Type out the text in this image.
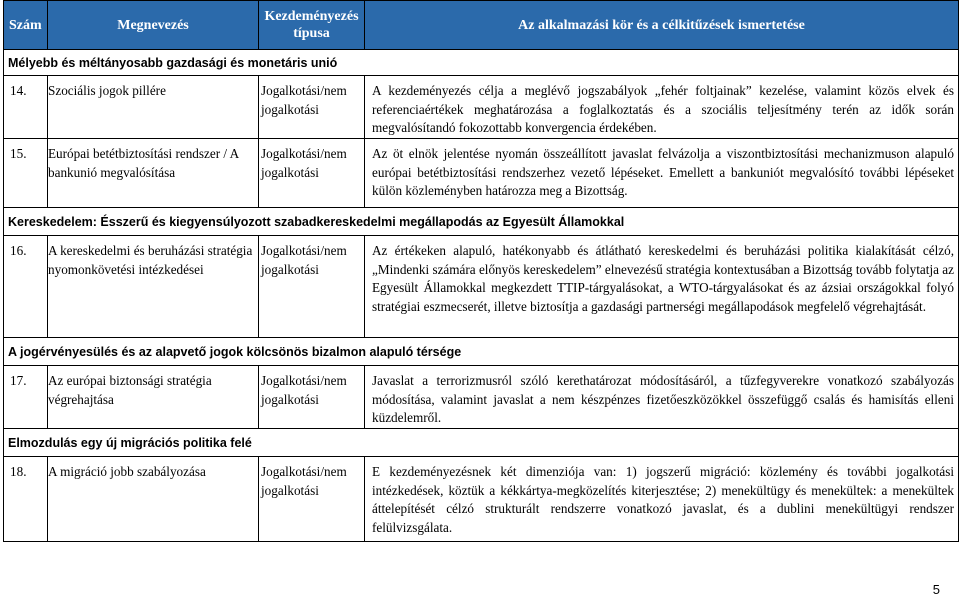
Szám	Megnevezés	Kezdeményezés típusa	Az alkalmazási kör és a célkitűzések ismertetése
Mélyebb és méltányosabb gazdasági és monetáris unió			
14.	Szociális jogok pillére	Jogalkotási/nem jogalkotási	A kezdeményezés célja a meglévő jogszabályok „fehér foltjainak” kezelése, valamint közös elvek és referenciaértékek meghatározása a foglalkoztatás és a szociális teljesítmény terén az idők során megvalósítandó fokozottabb konvergencia érdekében.
15.	Európai betétbiztosítási rendszer / A bankunió megvalósítása	Jogalkotási/nem jogalkotási	Az öt elnök jelentése nyomán összeállított javaslat felvázolja a viszontbiztosítási mechanizmuson alapuló európai betétbiztosítási rendszerhez vezető lépéseket. Emellett a bankuniót megvalósító további lépéseket külön közleményben határozza meg a Bizottság.
Kereskedelem: Ésszerű és kiegyensúlyozott szabadkereskedelmi megállapodás az Egyesült Államokkal			
16.	A kereskedelmi és beruházási stratégia nyomonkövetési intézkedései	Jogalkotási/nem jogalkotási	Az értékeken alapuló, hatékonyabb és átlátható kereskedelmi és beruházási politika kialakítását célzó, „Mindenki számára előnyös kereskedelem” elnevezésű stratégia kontextusában a Bizottság tovább folytatja az Egyesült Államokkal megkezdett TTIP-tárgyalásokat, a WTO-tárgyalásokat és az ázsiai országokkal folyó stratégiai eszmecserét, illetve biztosítja a gazdasági partnerségi megállapodások megfelelő végrehajtását.
A jogérvényesülés és az alapvető jogok kölcsönös bizalmon alapuló térsége			
17.	Az európai biztonsági stratégia végrehajtása	Jogalkotási/nem jogalkotási	Javaslat a terrorizmusról szóló kerethatározat módosításáról, a tűzfegyverekre vonatkozó szabályozás módosítása, valamint javaslat a nem készpénzes fizetőeszközökkel összefüggő csalás és hamisítás elleni küzdelemről.
Elmozdulás egy új migrációs politika felé			
18.	A migráció jobb szabályozása	Jogalkotási/nem jogalkotási	E kezdeményezésnek két dimenziója van: 1) jogszerű migráció: közlemény és további jogalkotási intézkedések, köztük a kékkártya-megközelítés kiterjesztése; 2) menekültügy és menekültek: a menekültek áttelepítését célzó strukturált rendszerre vonatkozó javaslat, és a dublini menekültügyi rendszer felülvizsgálata.
5
